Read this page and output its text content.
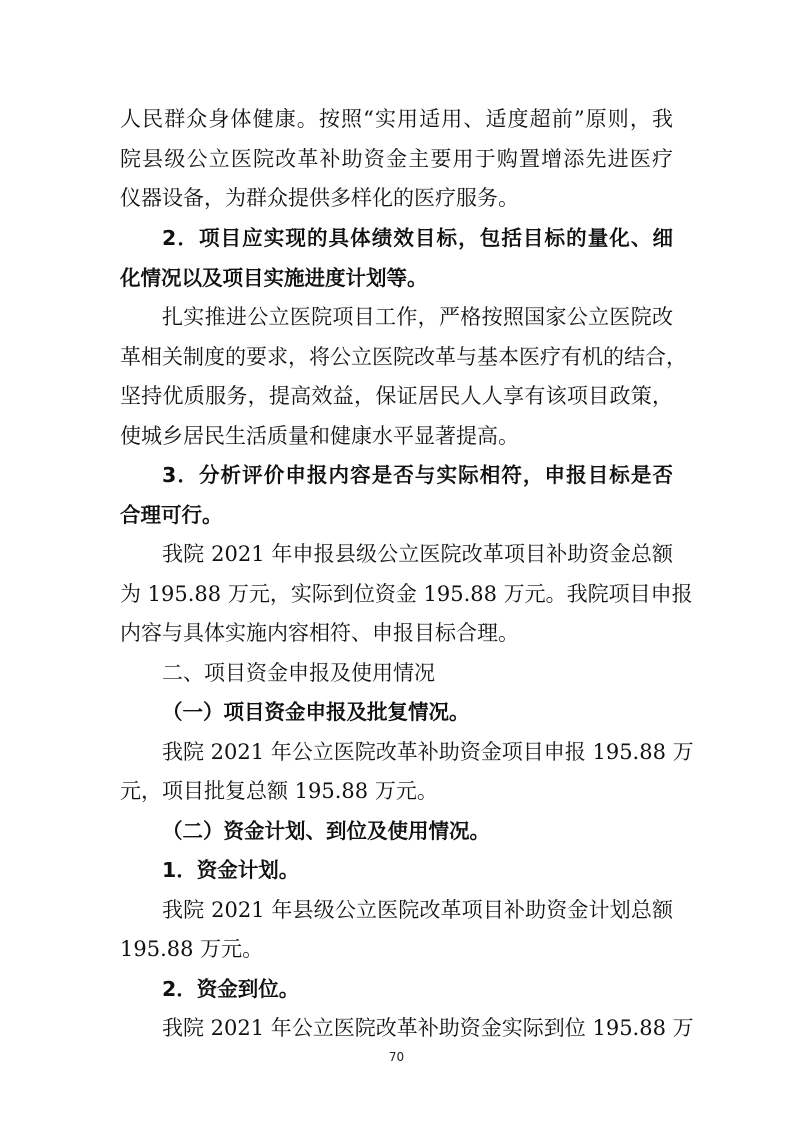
人民群众身体健康。按照“实用适用、适度超前”原则，我
院县级公立医院改革补助资金主要用于购置增添先进医疗
仪器设备，为群众提供多样化的医疗服务。
2．项目应实现的具体绩效目标，包括目标的量化、细
化情况以及项目实施进度计划等。
扎实推进公立医院项目工作，严格按照国家公立医院改
革相关制度的要求，将公立医院改革与基本医疗有机的结合，
坚持优质服务，提高效益，保证居民人人享有该项目政策，
使城乡居民生活质量和健康水平显著提高。
3．分析评价申报内容是否与实际相符，申报目标是否
合理可行。
我院 2021 年申报县级公立医院改革项目补助资金总额
为 195.88 万元，实际到位资金 195.88 万元。我院项目申报
内容与具体实施内容相符、申报目标合理。
二、项目资金申报及使用情况
（一）项目资金申报及批复情况。
我院 2021 年公立医院改革补助资金项目申报 195.88 万
元，项目批复总额 195.88 万元。
（二）资金计划、到位及使用情况。
1．资金计划。
我院 2021 年县级公立医院改革项目补助资金计划总额
195.88 万元。
2．资金到位。
我院 2021 年公立医院改革补助资金实际到位 195.88 万
70
